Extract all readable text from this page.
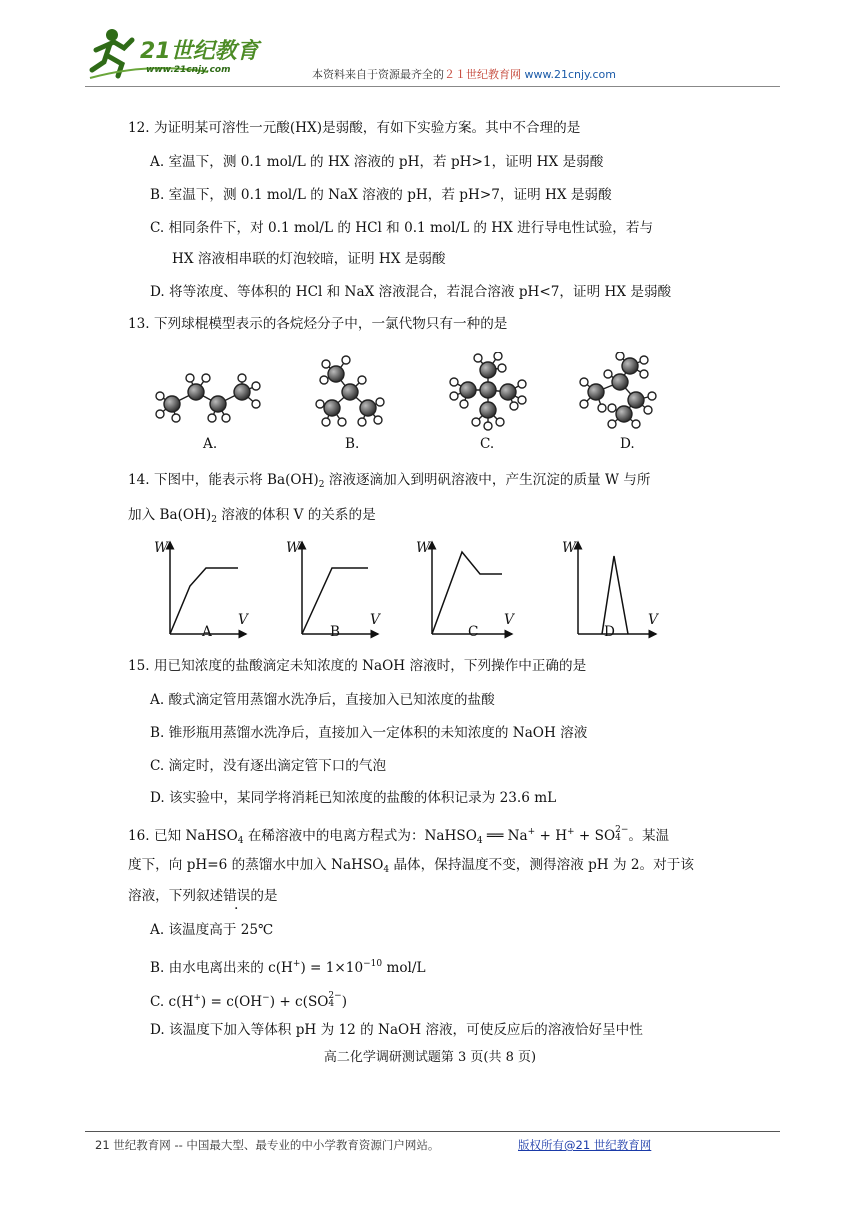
21世纪教育
www.21cnjy.com	本资料来自于资源最齐全的２１世纪教育网 www.21cnjy.com
12. 为证明某可溶性一元酸(HX)是弱酸，有如下实验方案。其中不合理的是
A. 室温下，测 0.1 mol/L 的 HX 溶液的 pH，若 pH>1，证明 HX 是弱酸
B. 室温下，测 0.1 mol/L 的 NaX 溶液的 pH，若 pH>7，证明 HX 是弱酸
C. 相同条件下，对 0.1 mol/L 的 HCl 和 0.1 mol/L 的 HX 进行导电性试验，若与
HX 溶液相串联的灯泡较暗，证明 HX 是弱酸
D. 将等浓度、等体积的 HCl 和 NaX 溶液混合，若混合溶液 pH<7，证明 HX 是弱酸
13. 下列球棍模型表示的各烷烃分子中，一氯代物只有一种的是
A.	B.	C.	D.
14. 下图中，能表示将 $Ba(OH)_2$ 溶液逐滴加入到明矾溶液中，产生沉淀的质量 W 与所
加入 $Ba(OH)_2$ 溶液的体积 V 的关系的是
W
V
W
V
W
V
W
V
A	B	C	D
15. 用已知浓度的盐酸滴定未知浓度的 NaOH 溶液时，下列操作中正确的是
A. 酸式滴定管用蒸馏水洗净后，直接加入已知浓度的盐酸
B. 锥形瓶用蒸馏水洗净后，直接加入一定体积的未知浓度的 NaOH 溶液
C. 滴定时，没有逐出滴定管下口的气泡
D. 该实验中，某同学将消耗已知浓度的盐酸的体积记录为 23.6 mL
16. 已知 NaHSO$_4$ 在稀溶液中的电离方程式为：NaHSO$_4$ ══ Na+ + H+ + SO 2−
4 。某温
度下，向 pH=6 的蒸馏水中加入 NaHSO$_4$ 晶体，保持温度不变，测得溶液 pH 为 2。对于该
溶液，下列叙述错误的是
A. 该温度高于 25℃
B. 由水电离出来的 $c(H^+) = 1\times 10^{-10}$ mol/L
C. c(H+) = c(OH−) + c(SO 2−
4 )
D. 该温度下加入等体积 pH 为 12 的 NaOH 溶液，可使反应后的溶液恰好呈中性
高二化学调研测试题第 3 页(共 8 页)
21 世纪教育网 -- 中国最大型、最专业的中小学教育资源门户网站。	版权所有@21 世纪教育网
